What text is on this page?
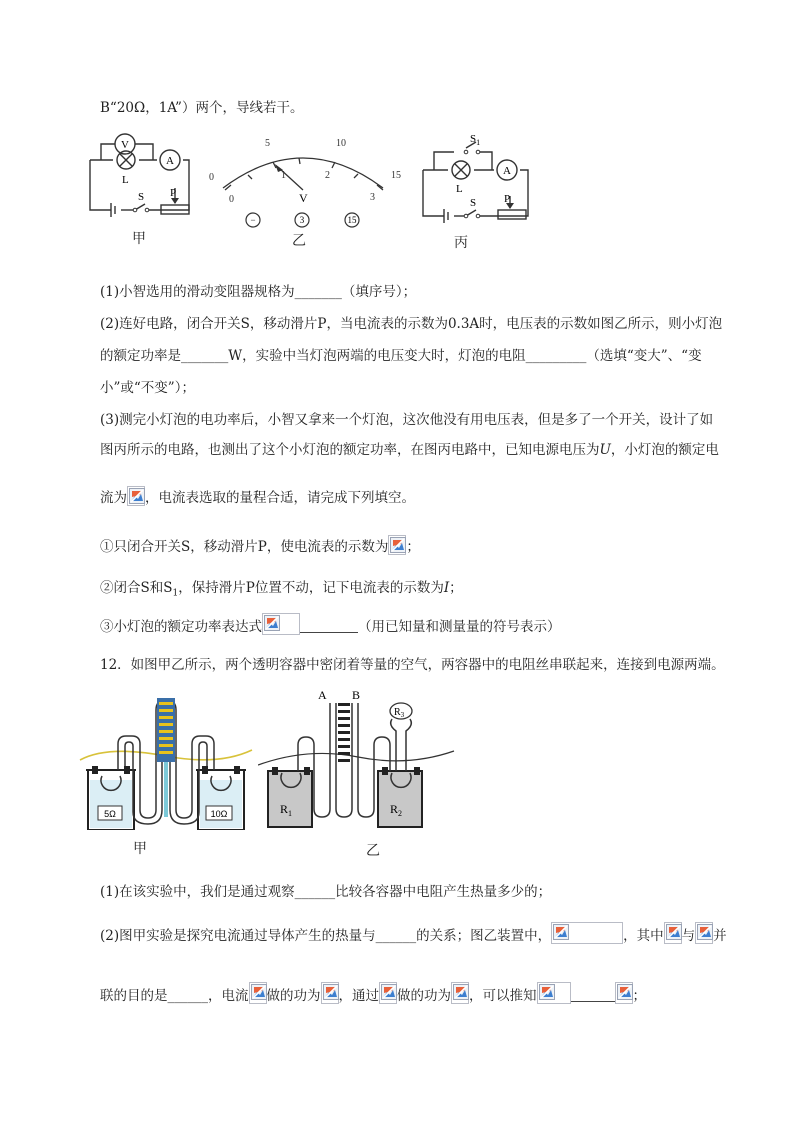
B“20Ω，1A”）两个，导线若干。
V
A
L
S P
甲
0
5	10
15
0
1	2
3
V
−	3	15
乙
$S_1$
A
L
S	P
丙
(1)小智选用的滑动变阻器规格为_______（填序号）；
(2)连好电路，闭合开关S，移动滑片P，当电流表的示数为0.3A时，电压表的示数如图乙所示，则小灯泡
的额定功率是_______W，实验中当灯泡两端的电压变大时，灯泡的电阻_________（选填“变大”、“变
小”或“不变”）；
(3)测完小灯泡的电功率后，小智又拿来一个灯泡，这次他没有用电压表，但是多了一个开关，设计了如
图丙所示的电路，也测出了这个小灯泡的额定功率，在图丙电路中，已知电源电压为U，小灯泡的额定电
流为 ，电流表选取的量程合适，请完成下列填空。
①只闭合开关S，移动滑片P，使电流表的示数为 ；
②闭合S和$S_1$，保持滑片P位置不动，记下电流表的示数为I；
③小灯泡的额定功率表达式	（用已知量和测量量的符号表示）
12．如图甲乙所示，两个透明容器中密闭着等量的空气，两容器中的电阻丝串联起来，连接到电源两端。
5Ω	10Ω
甲
A B
$R_1$	$R_2$
$R_3$
乙
(1)在该实验中，我们是通过观察______比较各容器中电阻产生热量多少的；
(2)图甲实验是探究电流通过导体产生的热量与______的关系；图乙装置中，	，其中 与 并
联的目的是______，电流 做的功为 ，通过 做的功为 ，可以推知	；
